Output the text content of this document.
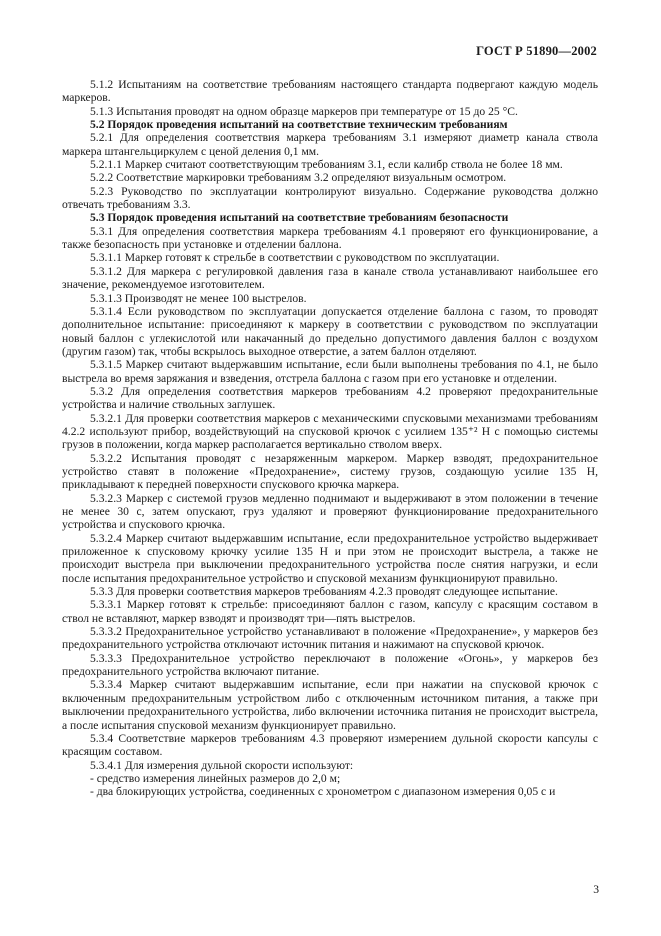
ГОСТ Р 51890—2002

5.1.2 Испытаниям на соответствие требованиям настоящего стандарта подвергают каждую модель маркеров.

5.1.3 Испытания проводят на одном образце маркеров при температуре от 15 до 25 °С.

5.2 Порядок проведения испытаний на соответствие техническим требованиям

5.2.1 Для определения соответствия маркера требованиям 3.1 измеряют диаметр канала ствола маркера штангельциркулем с ценой деления 0,1 мм.

5.2.1.1 Маркер считают соответствующим требованиям 3.1, если калибр ствола не более 18 мм.

5.2.2 Соответствие маркировки требованиям 3.2 определяют визуальным осмотром.

5.2.3 Руководство по эксплуатации контролируют визуально. Содержание руководства должно отвечать требованиям 3.3.

5.3 Порядок проведения испытаний на соответствие требованиям безопасности

5.3.1 Для определения соответствия маркера требованиям 4.1 проверяют его функционирование, а также безопасность при установке и отделении баллона.

5.3.1.1 Маркер готовят к стрельбе в соответствии с руководством по эксплуатации.

5.3.1.2 Для маркера с регулировкой давления газа в канале ствола устанавливают наибольшее его значение, рекомендуемое изготовителем.

5.3.1.3 Производят не менее 100 выстрелов.

5.3.1.4 Если руководством по эксплуатации допускается отделение баллона с газом, то проводят дополнительное испытание: присоединяют к маркеру в соответствии с руководством по эксплуатации новый баллон с углекислотой или накачанный до предельно допустимого давления баллон с воздухом (другим газом) так, чтобы вскрылось выходное отверстие, а затем баллон отделяют.

5.3.1.5 Маркер считают выдержавшим испытание, если были выполнены требования по 4.1, не было выстрела во время заряжания и взведения, отстрела баллона с газом при его установке и отделении.

5.3.2 Для определения соответствия маркеров требованиям 4.2 проверяют предохранительные устройства и наличие ствольных заглушек.

5.3.2.1 Для проверки соответствия маркеров с механическими спусковыми механизмами требованиям 4.2.2 используют прибор, воздействующий на спусковой крючок с усилием 135⁺² Н с помощью системы грузов в положении, когда маркер располагается вертикально стволом вверх.

5.3.2.2 Испытания проводят с незаряженным маркером. Маркер взводят, предохранительное устройство ставят в положение «Предохранение», систему грузов, создающую усилие 135 Н, прикладывают к передней поверхности спускового крючка маркера.

5.3.2.3 Маркер с системой грузов медленно поднимают и выдерживают в этом положении в течение не менее 30 с, затем опускают, груз удаляют и проверяют функционирование предохранительного устройства и спускового крючка.

5.3.2.4 Маркер считают выдержавшим испытание, если предохранительное устройство выдерживает приложенное к спусковому крючку усилие 135 Н и при этом не происходит выстрела, а также не происходит выстрела при выключении предохранительного устройства после снятия нагрузки, и если после испытания предохранительное устройство и спусковой механизм функционируют правильно.

5.3.3 Для проверки соответствия маркеров требованиям 4.2.3 проводят следующее испытание.

5.3.3.1 Маркер готовят к стрельбе: присоединяют баллон с газом, капсулу с красящим составом в ствол не вставляют, маркер взводят и производят три—пять выстрелов.

5.3.3.2 Предохранительное устройство устанавливают в положение «Предохранение», у маркеров без предохранительного устройства отключают источник питания и нажимают на спусковой крючок.

5.3.3.3 Предохранительное устройство переключают в положение «Огонь», у маркеров без предохранительного устройства включают питание.

5.3.3.4 Маркер считают выдержавшим испытание, если при нажатии на спусковой крючок с включенным предохранительным устройством либо с отключенным источником питания, а также при выключении предохранительного устройства, либо включении источника питания не происходит выстрела, а после испытания спусковой механизм функционирует правильно.

5.3.4 Соответствие маркеров требованиям 4.3 проверяют измерением дульной скорости капсулы с красящим составом.

5.3.4.1 Для измерения дульной скорости используют:

- средство измерения линейных размеров до 2,0 м;

- два блокирующих устройства, соединенных с хронометром с диапазоном измерения 0,05 с и

3
